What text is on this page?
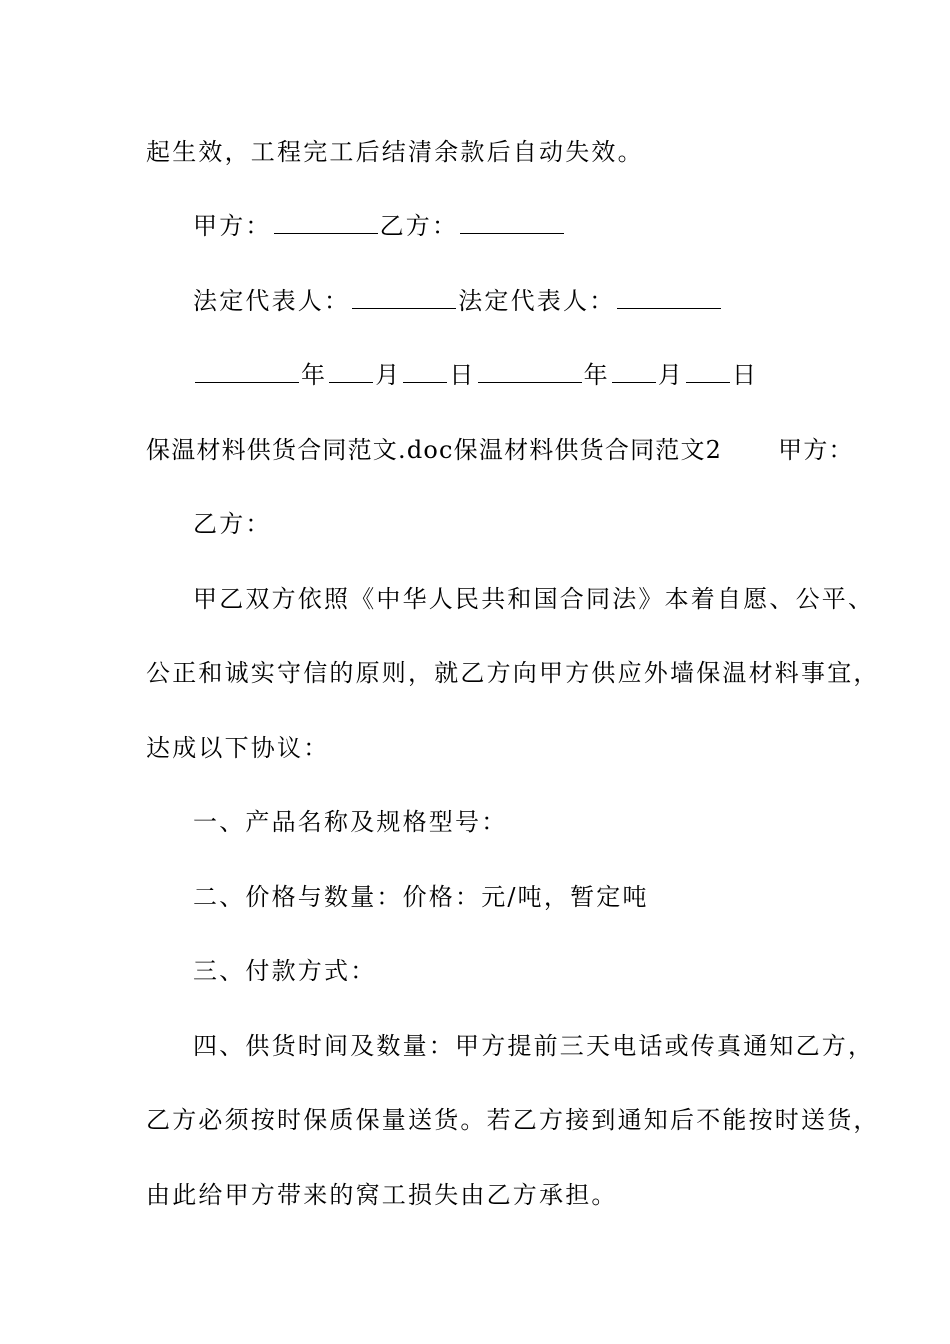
起生效，工程完工后结清余款后自动失效。
甲方：	乙方：
法定代表人：	法定代表人：
年 月 日	年 月 日
保温材料供货合同范文.doc保温材料供货合同范文2 甲方：
乙方：
甲乙双方依照《中华人民共和国合同法》本着自愿、公平、
公正和诚实守信的原则，就乙方向甲方供应外墙保温材料事宜，
达成以下协议：
一、产品名称及规格型号：
二、价格与数量：价格：元/吨，暂定吨
三、付款方式：
四、供货时间及数量：甲方提前三天电话或传真通知乙方，
乙方必须按时保质保量送货。若乙方接到通知后不能按时送货，
由此给甲方带来的窝工损失由乙方承担。
